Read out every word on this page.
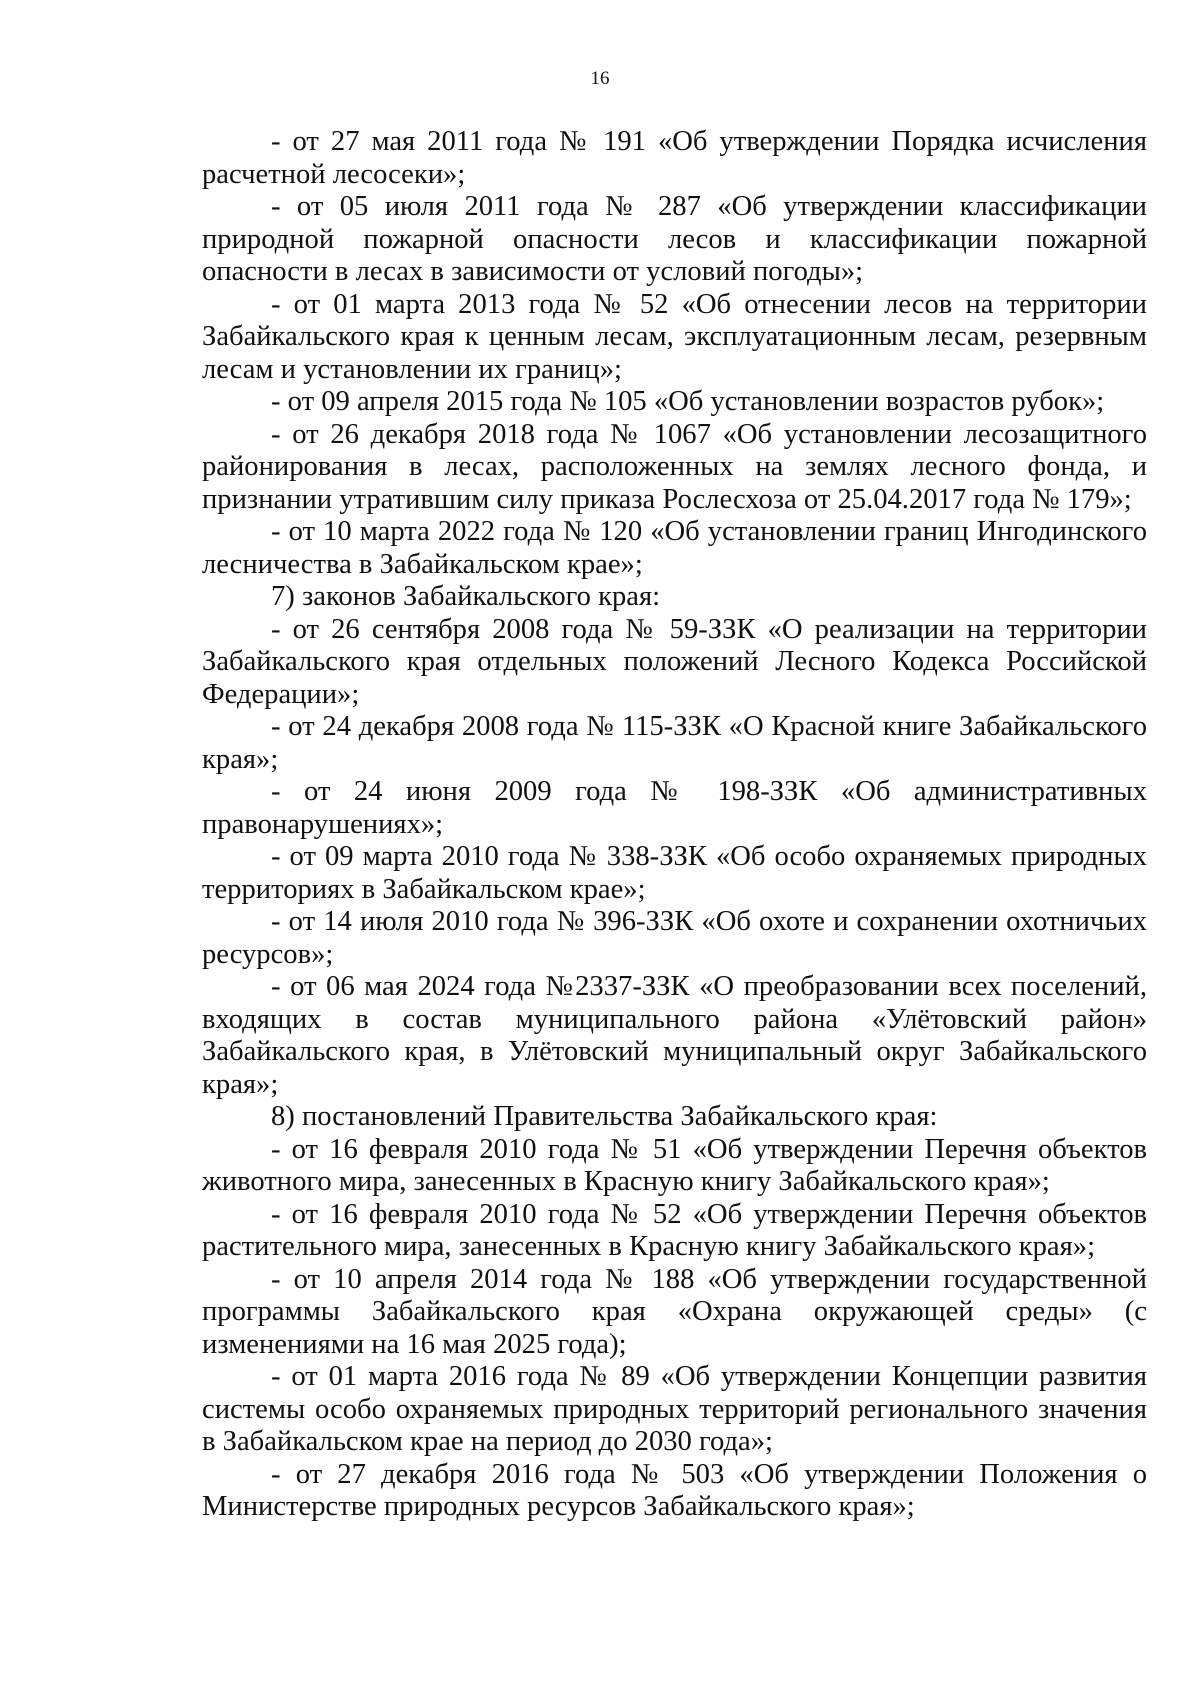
16

- от 27 мая 2011 года № 191 «Об утверждении Порядка исчисления расчетной лесосеки»;

- от 05 июля 2011 года № 287 «Об утверждении классификации природной пожарной опасности лесов и классификации пожарной опасности в лесах в зависимости от условий погоды»;

- от 01 марта 2013 года № 52 «Об отнесении лесов на территории Забайкальского края к ценным лесам, эксплуатационным лесам, резервным лесам и установлении их границ»;

- от 09 апреля 2015 года № 105 «Об установлении возрастов рубок»;

- от 26 декабря 2018 года № 1067 «Об установлении лесозащитного районирования в лесах, расположенных на землях лесного фонда, и признании утратившим силу приказа Рослесхоза от 25.04.2017 года № 179»;

- от 10 марта 2022 года № 120 «Об установлении границ Ингодинского лесничества в Забайкальском крае»;

7) законов Забайкальского края:

- от 26 сентября 2008 года № 59-ЗЗК «О реализации на территории Забайкальского края отдельных положений Лесного Кодекса Российской Федерации»;

- от 24 декабря 2008 года № 115-ЗЗК «О Красной книге Забайкальского края»;

- от 24 июня 2009 года № 198-ЗЗК «Об административных правонарушениях»;

- от 09 марта 2010 года № 338-ЗЗК «Об особо охраняемых природных территориях в Забайкальском крае»;

- от 14 июля 2010 года № 396-ЗЗК «Об охоте и сохранении охотничьих ресурсов»;

- от 06 мая 2024 года №2337-ЗЗК «О преобразовании всех поселений, входящих в состав муниципального района «Улётовский район» Забайкальского края, в Улётовский муниципальный округ Забайкальского края»;

8) постановлений Правительства Забайкальского края:

- от 16 февраля 2010 года № 51 «Об утверждении Перечня объектов животного мира, занесенных в Красную книгу Забайкальского края»;

- от 16 февраля 2010 года № 52 «Об утверждении Перечня объектов растительного мира, занесенных в Красную книгу Забайкальского края»;

- от 10 апреля 2014 года № 188 «Об утверждении государственной программы Забайкальского края «Охрана окружающей среды» (с изменениями на 16 мая 2025 года);

- от 01 марта 2016 года № 89 «Об утверждении Концепции развития системы особо охраняемых природных территорий регионального значения в Забайкальском крае на период до 2030 года»;

- от 27 декабря 2016 года № 503 «Об утверждении Положения о Министерстве природных ресурсов Забайкальского края»;
